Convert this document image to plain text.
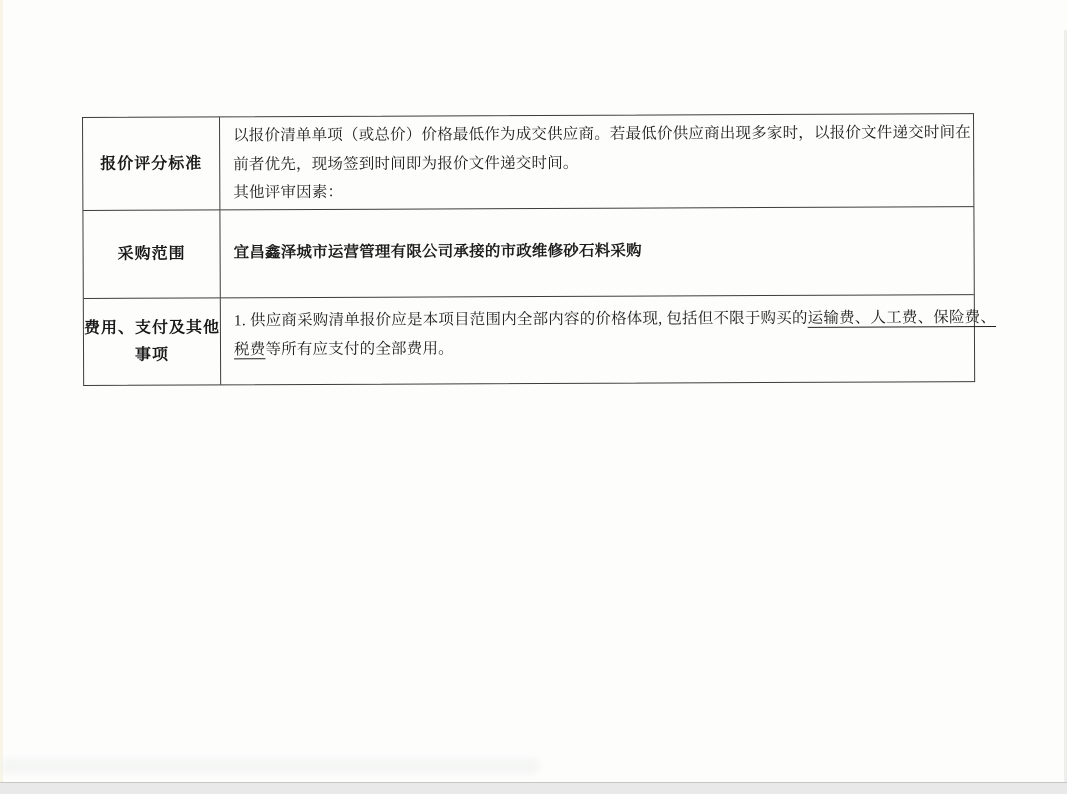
报价评分标准
以报价清单单项（或总价）价格最低作为成交供应商。若最低价供应商出现多家时，以报价文件递交时间在
前者优先，现场签到时间即为报价文件递交时间。
其他评审因素：
采购范围	宜昌鑫泽城市运营管理有限公司承接的市政维修砂石料采购
费用、支付及其他
事项
1. 供应商采购清单报价应是本项目范围内全部内容的价格体现, 包括但不限于购买的运输费、人工费、保险费、
税费等所有应支付的全部费用。
